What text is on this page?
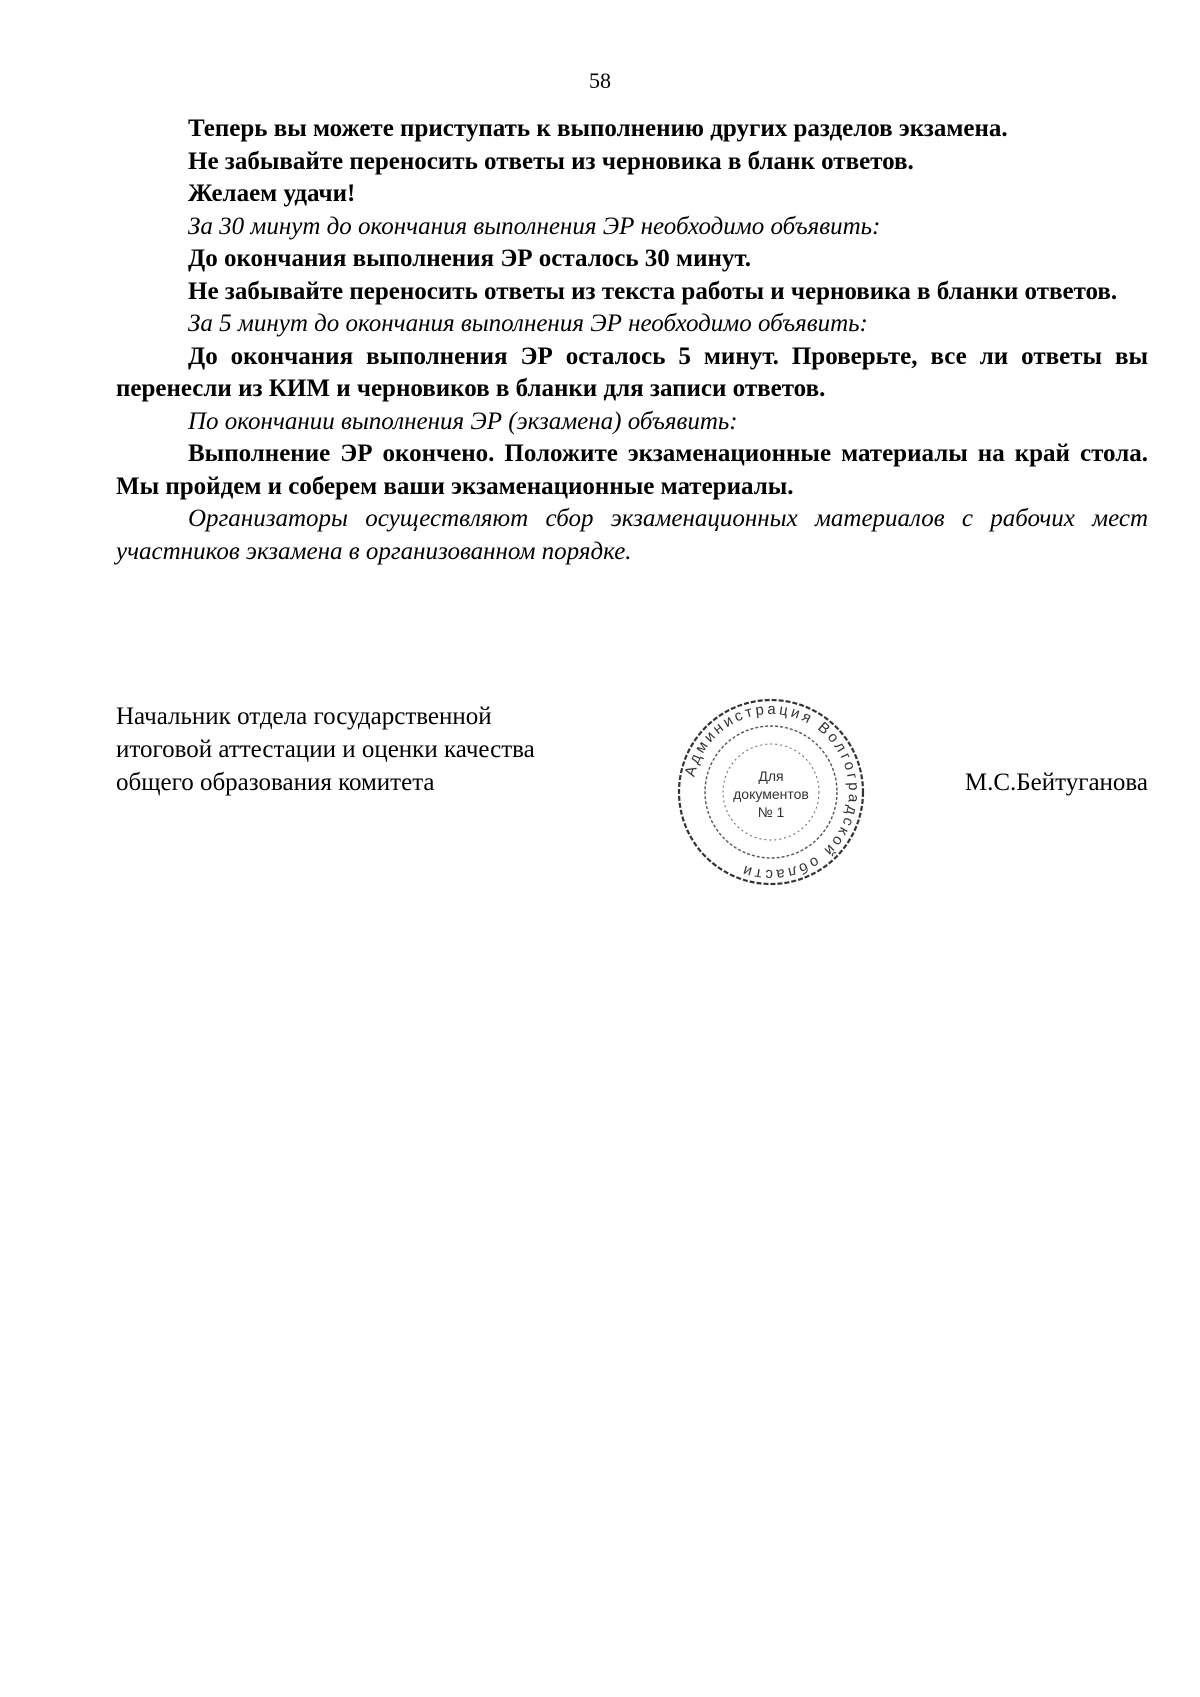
58

Теперь вы можете приступать к выполнению других разделов экзамена.

Не забывайте переносить ответы из черновика в бланк ответов.

Желаем удачи!

За 30 минут до окончания выполнения ЭР необходимо объявить:

До окончания выполнения ЭР осталось 30 минут.

Не забывайте переносить ответы из текста работы и черновика в бланки ответов.

За 5 минут до окончания выполнения ЭР необходимо объявить:

До окончания выполнения ЭР осталось 5 минут. Проверьте, все ли ответы вы перенесли из КИМ и черновиков в бланки для записи ответов.

По окончании выполнения ЭР (экзамена) объявить:

Выполнение ЭР окончено. Положите экзаменационные материалы на край стола. Мы пройдем и соберем ваши экзаменационные материалы.

Организаторы осуществляют сбор экзаменационных материалов с рабочих мест участников экзамена в организованном порядке.

Начальник отдела государственной
итоговой аттестации и оценки качества
общего образования комитета	Администрация Волгоградской области
Для
документов
№ 1
М.С.Бейтуганова
